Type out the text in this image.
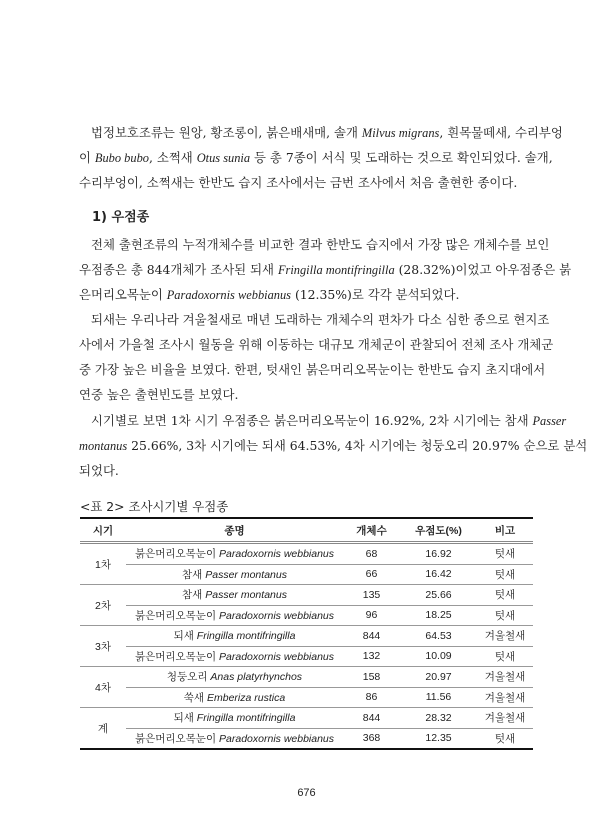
법정보호조류는 원앙, 황조롱이, 붉은배새매, 솔개 Milvus migrans, 흰목물떼새, 수리부엉
이 Bubo bubo, 소쩍새 Otus sunia 등 총 7종이 서식 및 도래하는 것으로 확인되었다. 솔개,
수리부엉이, 소쩍새는 한반도 습지 조사에서는 금번 조사에서 처음 출현한 종이다.
전체 출현조류의 누적개체수를 비교한 결과 한반도 습지에서 가장 많은 개체수를 보인
우점종은 총 844개체가 조사된 되새 Fringilla montifringilla (28.32%)이었고 아우점종은 붉
은머리오목눈이 Paradoxornis webbianus (12.35%)로 각각 분석되었다.
되새는 우리나라 겨울철새로 매년 도래하는 개체수의 편차가 다소 심한 종으로 현지조
사에서 가을철 조사시 월동을 위해 이동하는 대규모 개체군이 관찰되어 전체 조사 개체군
중 가장 높은 비율을 보였다. 한편, 텃새인 붉은머리오목눈이는 한반도 습지 초지대에서
연중 높은 출현빈도를 보였다.
시기별로 보면 1차 시기 우점종은 붉은머리오목눈이 16.92%, 2차 시기에는 참새 Passer
montanus 25.66%, 3차 시기에는 되새 64.53%, 4차 시기에는 청둥오리 20.97% 순으로 분석
되었다.
1) 우점종
<표 2> 조사시기별 우점종
시기	종명	개체수	우점도(%)	비고
1차	붉은머리오목눈이 Paradoxornis webbianus	68	16.92	텃새
	참새 Passer montanus	66	16.42	텃새
2차	참새 Passer montanus	135	25.66	텃새
	붉은머리오목눈이 Paradoxornis webbianus	96	18.25	텃새
3차	되새 Fringilla montifringilla	844	64.53	겨울철새
	붉은머리오목눈이 Paradoxornis webbianus	132	10.09	텃새
4차	청둥오리 Anas platyrhynchos	158	20.97	겨울철새
	쑥새 Emberiza rustica	86	11.56	겨울철새
계	되새 Fringilla montifringilla	844	28.32	겨울철새
	붉은머리오목눈이 Paradoxornis webbianus	368	12.35	텃새
676
